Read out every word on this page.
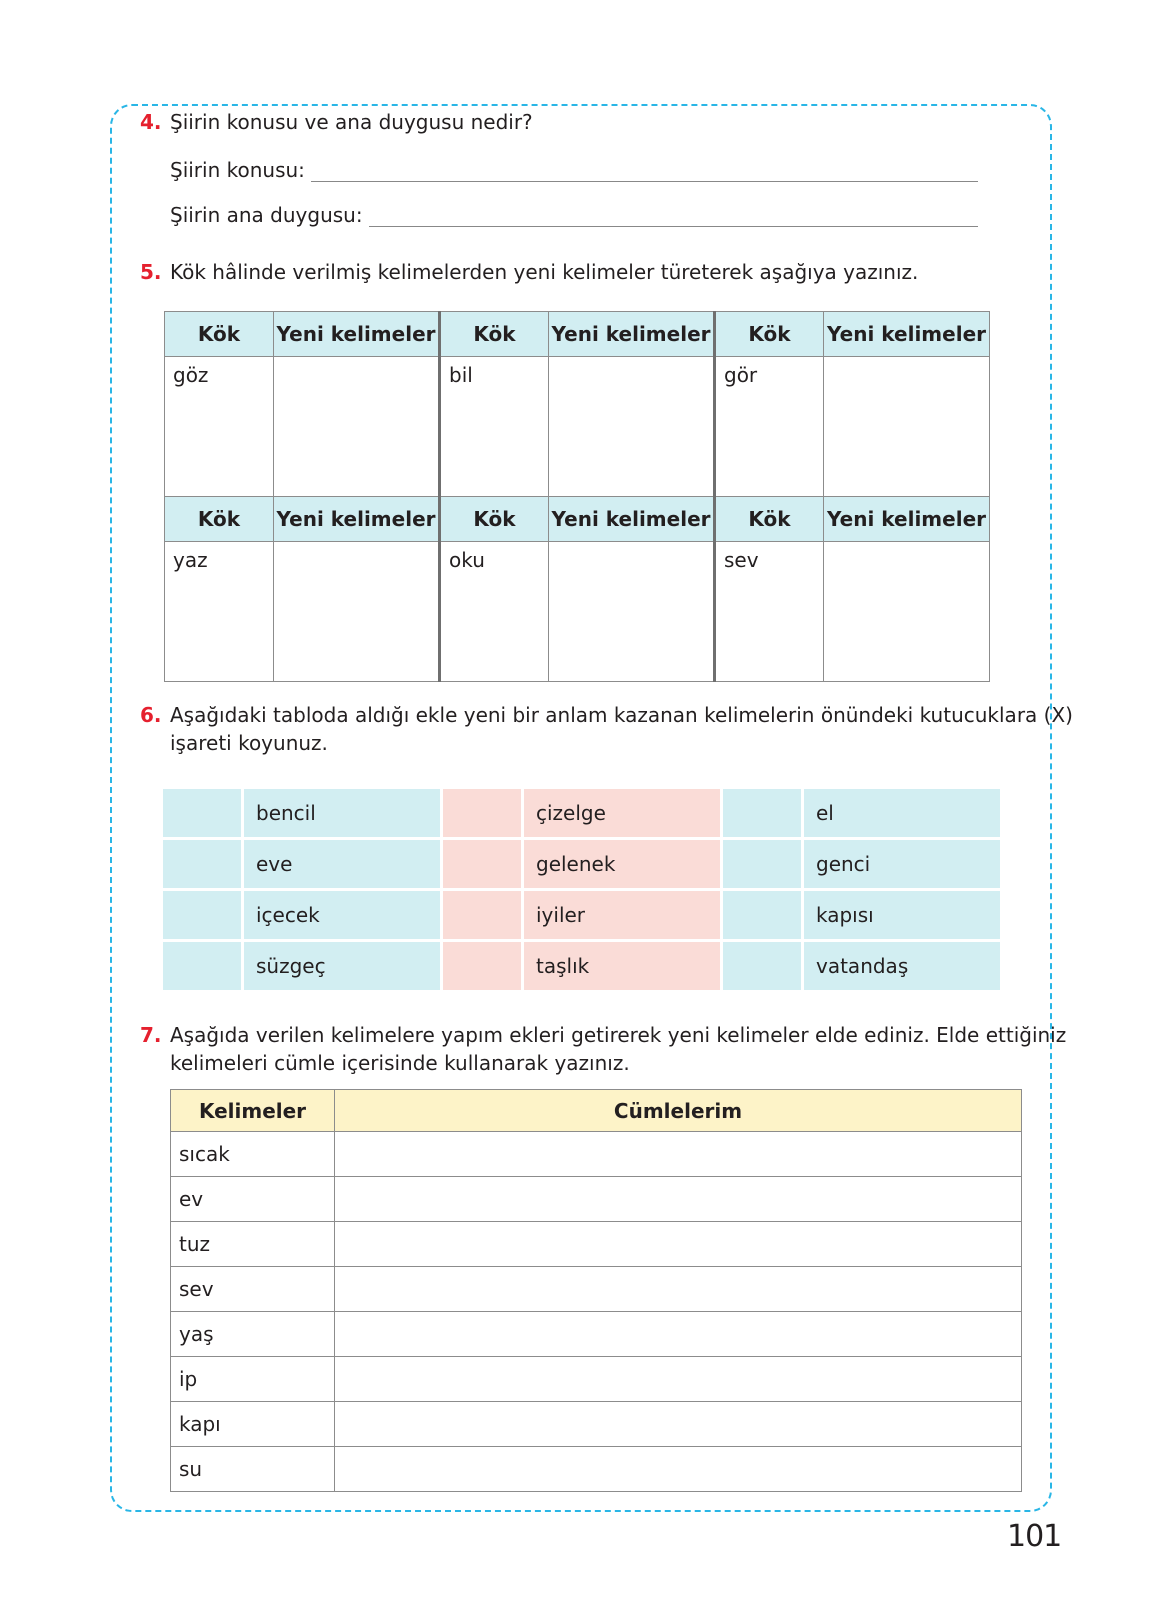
4. Şiirin konusu ve ana duygusu nedir?
Şiirin konusu:
Şiirin ana duygusu:
5. Kök hâlinde verilmiş kelimelerden yeni kelimeler türeterek aşağıya yazınız.
Kök	Yeni kelimeler	Kök	Yeni kelimeler	Kök	Yeni kelimeler
göz		bil		gör	
Kök	Yeni kelimeler	Kök	Yeni kelimeler	Kök	Yeni kelimeler
yaz		oku		sev	
6. Aşağıdaki tabloda aldığı ekle yeni bir anlam kazanan kelimelerin önündeki kutucuklara (X)
işareti koyunuz.
	bencil		çizelge		el
	eve		gelenek		genci
	içecek		iyiler		kapısı
	süzgeç		taşlık		vatandaş
7. Aşağıda verilen kelimelere yapım ekleri getirerek yeni kelimeler elde ediniz. Elde ettiğiniz
kelimeleri cümle içerisinde kullanarak yazınız.
Kelimeler	Cümlelerim
sıcak	
ev	
tuz	
sev	
yaş	
ip	
kapı	
su	
101
